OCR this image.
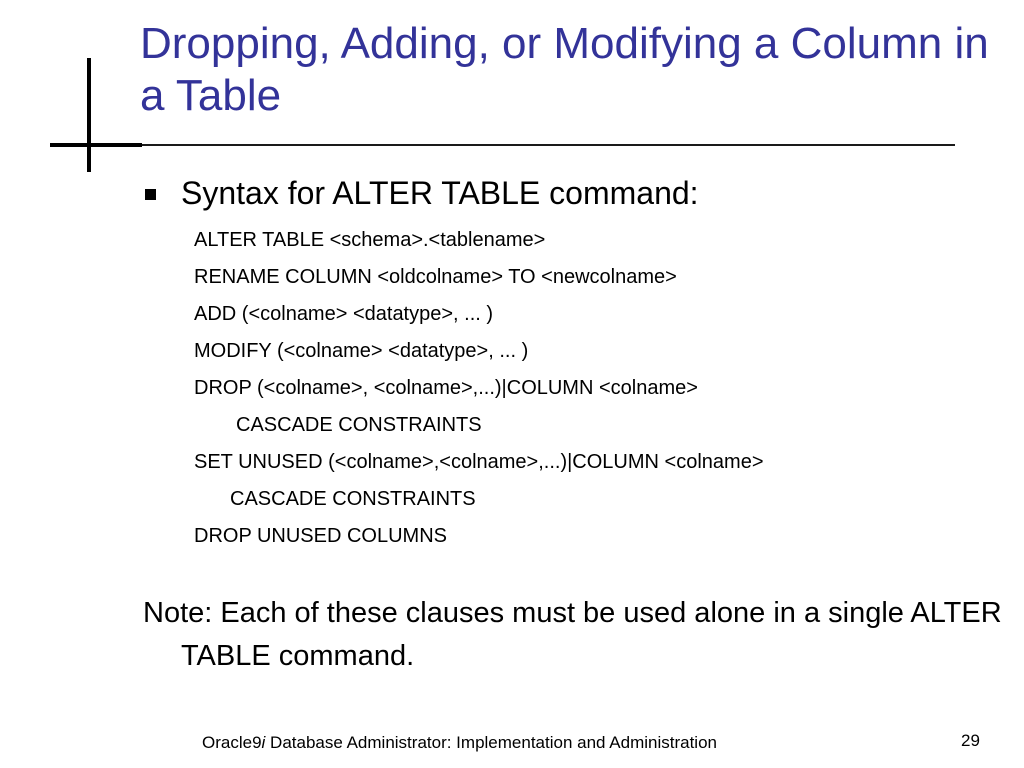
Dropping, Adding, or Modifying a Column in a Table
Syntax for ALTER TABLE command:
ALTER TABLE <schema>.<tablename>
RENAME COLUMN <oldcolname> TO <newcolname>
ADD (<colname> <datatype>, ... )
MODIFY (<colname> <datatype>, ... )
DROP (<colname>, <colname>,...)|COLUMN <colname>
CASCADE CONSTRAINTS
SET UNUSED (<colname>,<colname>,...)|COLUMN <colname>
CASCADE CONSTRAINTS
DROP UNUSED COLUMNS
Note: Each of these clauses must be used alone in a single ALTER TABLE command.
Oracle9i Database Administrator: Implementation and Administration	29
